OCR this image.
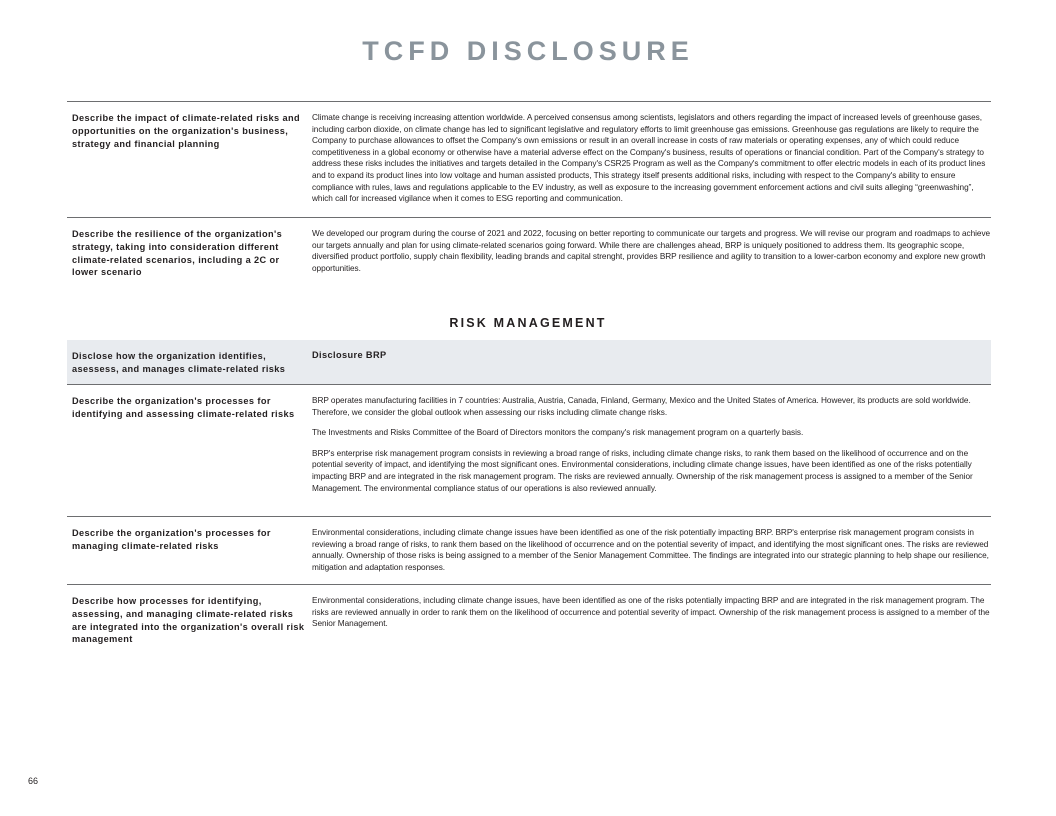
TCFD DISCLOSURE
Describe the impact of climate-related risks and opportunities on the organization's business, strategy and financial planning

Climate change is receiving increasing attention worldwide. A perceived consensus among scientists, legislators and others regarding the impact of increased levels of greenhouse gases, including carbon dioxide, on climate change has led to significant legislative and regulatory efforts to limit greenhouse gas emissions. Greenhouse gas regulations are likely to require the Company to purchase allowances to offset the Company's own emissions or result in an overall increase in costs of raw materials or operating expenses, any of which could reduce competitiveness in a global economy or otherwise have a material adverse effect on the Company's business, results of operations or financial condition. Part of the Company's strategy to address these risks includes the initiatives and targets detailed in the Company's CSR25 Program as well as the Company's commitment to offer electric models in each of its product lines and to expand its product lines into low voltage and human assisted products, This strategy itself presents additional risks, including with respect to the Company's ability to ensure compliance with rules, laws and regulations applicable to the EV industry, as well as exposure to the increasing government enforcement actions and civil suits alleging “greenwashing”, which call for increased vigilance when it comes to ESG reporting and communication.

Describe the resilience of the organization's strategy, taking into consideration different climate-related scenarios, including a 2C or lower scenario

We developed our program during the course of 2021 and 2022, focusing on better reporting to communicate our targets and progress. We will revise our program and roadmaps to achieve our targets annually and plan for using climate-related scenarios going forward. While there are challenges ahead, BRP is uniquely positioned to address them. Its geographic scope, diversified product portfolio, supply chain flexibility, leading brands and capital strenght, provides BRP resilience and agility to transition to a lower-carbon economy and explore new growth opportunities.

RISK MANAGEMENT
Disclose how the organization identifies, asessess, and manages climate-related risks
Disclosure BRP
Describe the organization's processes for identifying and assessing climate-related risks

BRP operates manufacturing facilities in 7 countries: Australia, Austria, Canada, Finland, Germany, Mexico and the United States of America. However, its products are sold worldwide. Therefore, we consider the global outlook when assessing our risks including climate change risks.

The Investments and Risks Committee of the Board of Directors monitors the company's risk management program on a quarterly basis.

BRP's enterprise risk management program consists in reviewing a broad range of risks, including climate change risks, to rank them based on the likelihood of occurrence and on the potential severity of impact, and identifying the most significant ones. Environmental considerations, including climate change issues, have been identified as one of the risks potentially impacting BRP and are integrated in the risk management program. The risks are reviewed annually. Ownership of the risk management process is assigned to a member of the Senior Management. The environmental compliance status of our operations is also reviewed annually.

Describe the organization's processes for managing climate-related risks

Environmental considerations, including climate change issues have been identified as one of the risk potentially impacting BRP. BRP's enterprise risk management program consists in reviewing a broad range of risks, to rank them based on the likelihood of occurrence and on the potential severity of impact, and identifying the most significant ones. The risks are reviewed annually. Ownership of those risks is being assigned to a member of the Senior Management Committee. The findings are integrated into our strategic planning to help shape our resilience, mitigation and adaptation responses.

Describe how processes for identifying, assessing, and managing climate-related risks are integrated into the organization's overall risk management

Environmental considerations, including climate change issues, have been identified as one of the risks potentially impacting BRP and are integrated in the risk management program. The risks are reviewed annually in order to rank them on the likelihood of occurrence and potential severity of impact. Ownership of the risk management process is assigned to a member of the Senior Management.

66
